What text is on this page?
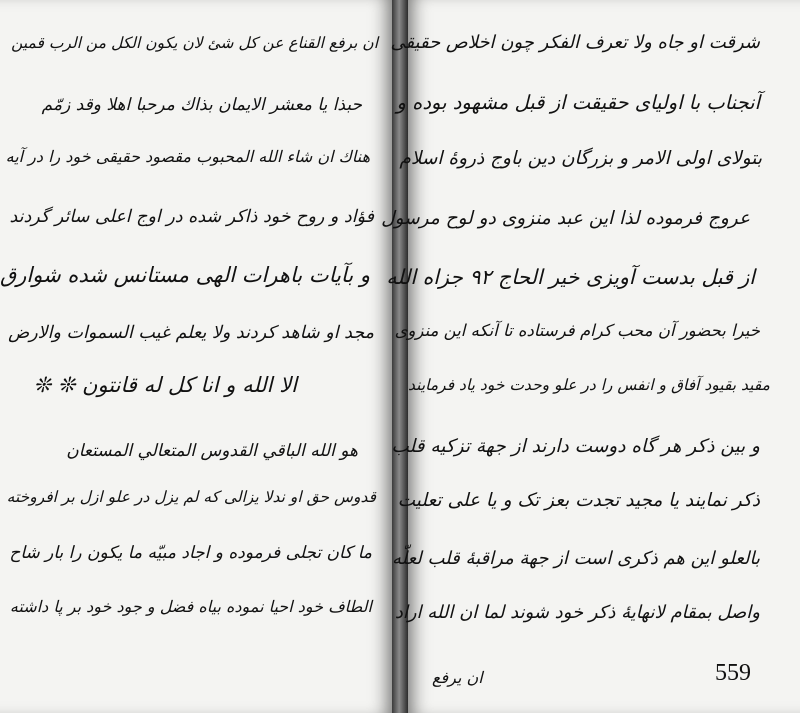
ان برفع القناع عن كل شئ لان يكون الكل من الرب قمين
حبذا يا معشر الايمان بذاك مرحبا اهلا وقد زمّم
هناك ان شاء الله المحبوب مقصود حقیقی خود را در آیه
فؤاد و روح خود ذاکر شده در اوج اعلی سائر گردند
و بآیات باهرات الهی مستانس شده شوارق
مجد او شاهد کردند ولا یعلم غیب السموات والارض
الا الله و انا کل له قانتون ❊ ❊
هو الله الباقي القدوس المتعالي المستعان
قدوس حق او ندلا یزالی که لم یزل در علو ازل بر افروخته
ما کان تجلی فرموده و اجاد مبیّه ما یکون را بار شاح
الطاف خود احیا نموده بیاه فضل و جود خود بر پا داشته
شرقت او جاه ولا تعرف الفکر چون اخلاص حقیقی
آنجناب با اولیای حقیقت از قبل مشهود بوده و
بتولای اولی الامر و بزرگان دین باوج ذروهٔ اسلام
عروج فرموده لذا این عبد منزوی دو لوح مرسول
از قبل بدست آویزی خیر الحاج ۹۲ جزاه الله
خیرا بحضور آن محب کرام فرستاده تا آنکه این منزوی
مقید بقیود آفاق و انفس را در علو وحدت خود یاد فرمایند
و بین ذکر هر گاه دوست دارند از جهة تزکیه قلب
ذکر نمایند یا مجید تجدت بعز تک و یا علی تعلیت
بالعلو این هم ذکری است از جهة مراقبهٔ قلب لعلّه
واصل بمقام لانهایهٔ ذکر خود شوند لما ان الله اراد
ان یرفع	559
